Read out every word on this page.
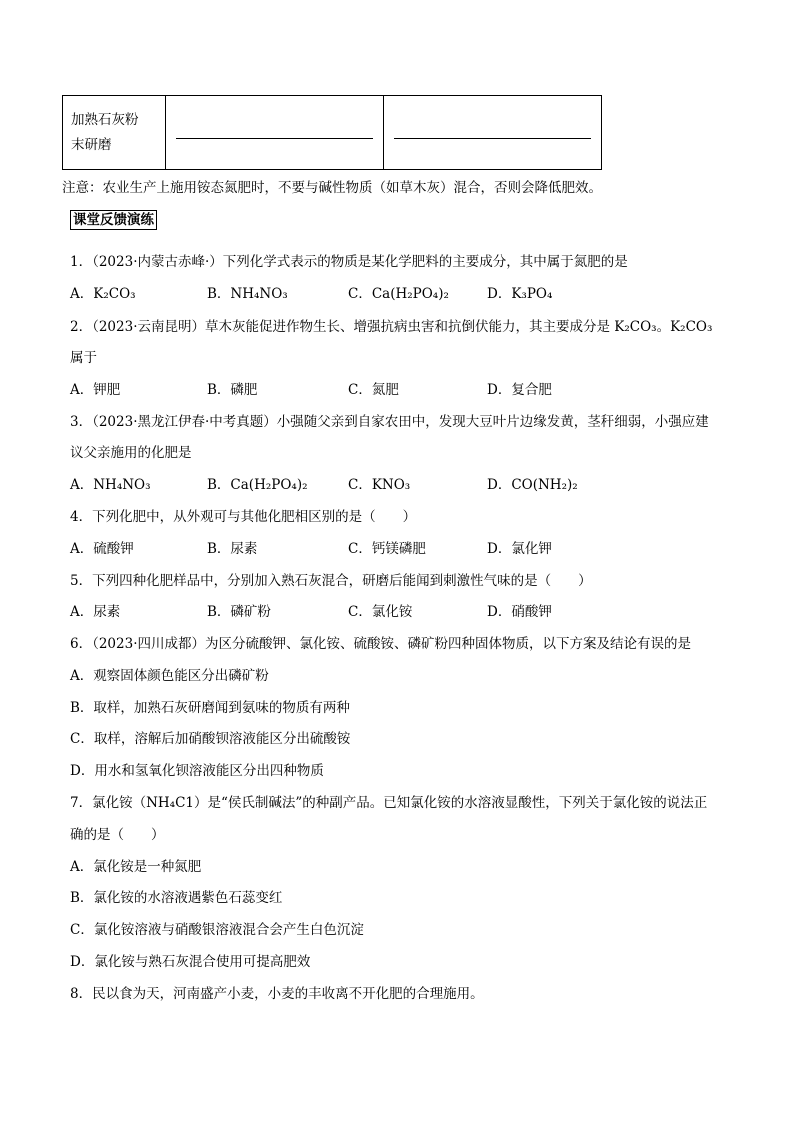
加熟石灰粉
末研磨

注意：农业生产上施用铵态氮肥时，不要与碱性物质（如草木灰）混合，否则会降低肥效。
课堂反馈演练
1．（2023·内蒙古赤峰·）下列化学式表示的物质是某化学肥料的主要成分，其中属于氮肥的是
A．K₂CO₃	B．NH₄NO₃	C．Ca(H₂PO₄)₂	D．K₃PO₄
2．（2023·云南昆明）草木灰能促进作物生长、增强抗病虫害和抗倒伏能力，其主要成分是 K₂CO₃。K₂CO₃
属于
A．钾肥	B．磷肥	C．氮肥	D．复合肥
3．（2023·黑龙江伊春·中考真题）小强随父亲到自家农田中，发现大豆叶片边缘发黄，茎秆细弱，小强应建
议父亲施用的化肥是
A．NH₄NO₃	B．Ca(H₂PO₄)₂	C．KNO₃	D．CO(NH₂)₂
4．下列化肥中，从外观可与其他化肥相区别的是（　　）
A．硫酸钾	B．尿素	C．钙镁磷肥	D．氯化钾
5．下列四种化肥样品中，分别加入熟石灰混合，研磨后能闻到刺激性气味的是（　　）
A．尿素	B．磷矿粉	C．氯化铵	D．硝酸钾
6．（2023·四川成都）为区分硫酸钾、氯化铵、硫酸铵、磷矿粉四种固体物质，以下方案及结论有误的是
A．观察固体颜色能区分出磷矿粉
B．取样，加熟石灰研磨闻到氨味的物质有两种
C．取样，溶解后加硝酸钡溶液能区分出硫酸铵
D．用水和氢氧化钡溶液能区分出四种物质
7．氯化铵（NH₄C1）是“侯氏制碱法”的种副产品。已知氯化铵的水溶液显酸性，下列关于氯化铵的说法正
确的是（　　）
A．氯化铵是一种氮肥
B．氯化铵的水溶液遇紫色石蕊变红
C．氯化铵溶液与硝酸银溶液混合会产生白色沉淀
D．氯化铵与熟石灰混合使用可提高肥效
8．民以食为天，河南盛产小麦，小麦的丰收离不开化肥的合理施用。
